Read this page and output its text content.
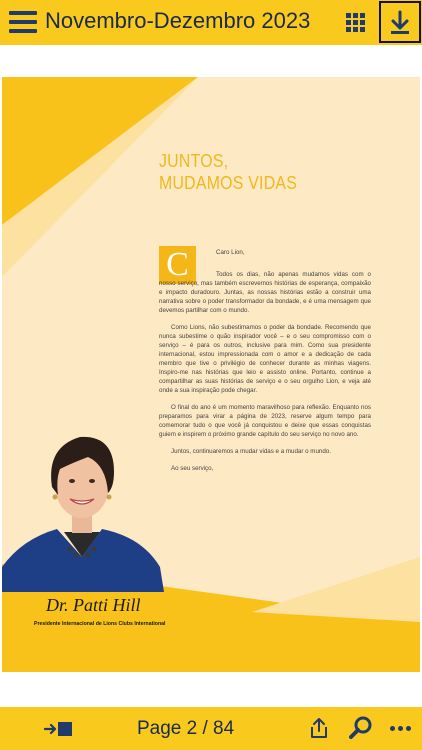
Novembro-Dezembro 2023
JUNTOS,
MUDAMOS VIDAS
C	Caro Lion,

Todos os dias, não apenas mudamos vidas com o nosso serviço, mas também escrevemos histórias de esperança, compaixão e impacto duradouro. Juntas, as nossas histórias estão a construir uma narrativa sobre o poder transformador da bondade, e é uma mensagem que devemos partilhar com o mundo.

Como Lions, não subestimamos o poder da bondade. Recomendo que nunca subestime o quão inspirador você – e o seu compromisso com o serviço – é para os outros, inclusive para mim. Como sua presidente internacional, estou impressionada com o amor e a dedicação de cada membro que tive o privilégio de conhecer durante as minhas viagens. Inspiro-me nas histórias que leio e assisto online. Portanto, continue a compartilhar as suas histórias de serviço e o seu orgulho Lion, e veja até onde a sua inspiração pode chegar.

O final do ano é um momento maravilhoso para reflexão. Enquanto nos preparamos para virar a página de 2023, reserve algum tempo para comemorar tudo o que você já conquistou e deixe que essas conquistas guiem e inspirem o próximo grande capítulo do seu serviço no novo ano.

Juntos, continuaremos a mudar vidas e a mudar o mundo.

Ao seu serviço,

Dr. Patti Hill
Presidente Internacional de Lions Clubs International
Page 2 / 84
